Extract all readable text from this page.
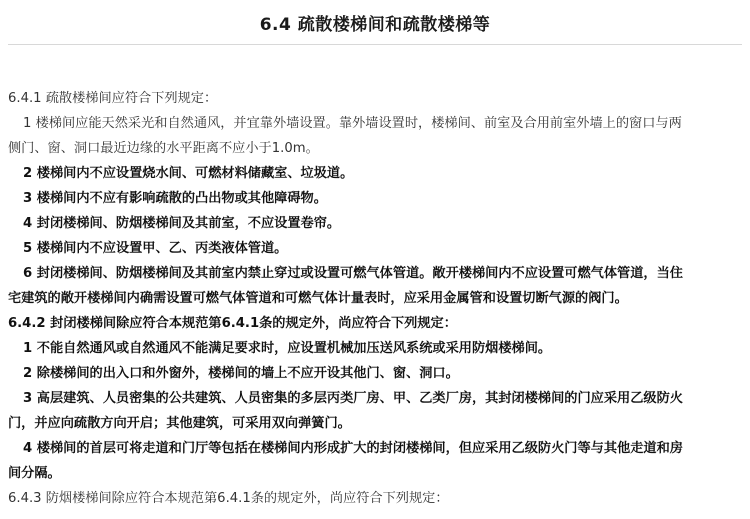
6.4 疏散楼梯间和疏散楼梯等
6.4.1 疏散楼梯间应符合下列规定：
1 楼梯间应能天然采光和自然通风，并宜靠外墙设置。靠外墙设置时，楼梯间、前室及合用前室外墙上的窗口与两
侧门、窗、洞口最近边缘的水平距离不应小于1.0m。
2 楼梯间内不应设置烧水间、可燃材料储藏室、垃圾道。
3 楼梯间内不应有影响疏散的凸出物或其他障碍物。
4 封闭楼梯间、防烟楼梯间及其前室，不应设置卷帘。
5 楼梯间内不应设置甲、乙、丙类液体管道。
6 封闭楼梯间、防烟楼梯间及其前室内禁止穿过或设置可燃气体管道。敞开楼梯间内不应设置可燃气体管道，当住
宅建筑的敞开楼梯间内确需设置可燃气体管道和可燃气体计量表时，应采用金属管和设置切断气源的阀门。
6.4.2 封闭楼梯间除应符合本规范第6.4.1条的规定外，尚应符合下列规定：
1 不能自然通风或自然通风不能满足要求时，应设置机械加压送风系统或采用防烟楼梯间。
2 除楼梯间的出入口和外窗外，楼梯间的墙上不应开设其他门、窗、洞口。
3 高层建筑、人员密集的公共建筑、人员密集的多层丙类厂房、甲、乙类厂房，其封闭楼梯间的门应采用乙级防火
门，并应向疏散方向开启；其他建筑，可采用双向弹簧门。
4 楼梯间的首层可将走道和门厅等包括在楼梯间内形成扩大的封闭楼梯间，但应采用乙级防火门等与其他走道和房
间分隔。
6.4.3 防烟楼梯间除应符合本规范第6.4.1条的规定外，尚应符合下列规定：
